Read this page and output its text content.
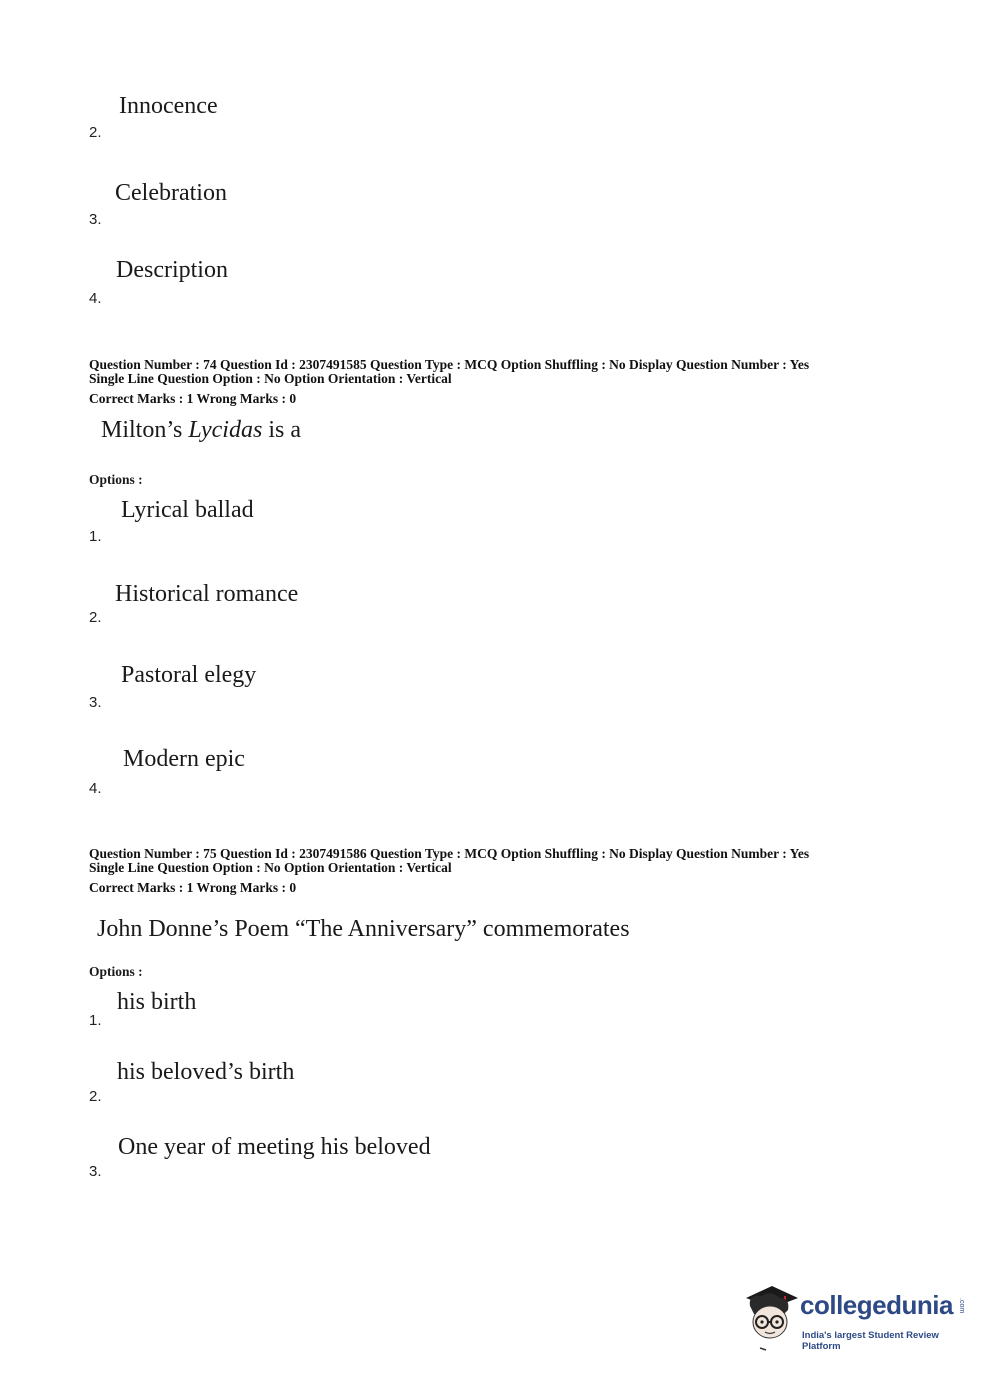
Innocence
2.
Celebration
3.
Description
4.
Question Number : 74 Question Id : 2307491585 Question Type : MCQ Option Shuffling : No Display Question Number : Yes
Single Line Question Option : No Option Orientation : Vertical
Correct Marks : 1 Wrong Marks : 0
Milton’s Lycidas is a
Options :
Lyrical ballad
1.
Historical romance
2.
Pastoral elegy
3.
Modern epic
4.
Question Number : 75 Question Id : 2307491586 Question Type : MCQ Option Shuffling : No Display Question Number : Yes
Single Line Question Option : No Option Orientation : Vertical
Correct Marks : 1 Wrong Marks : 0
John Donne’s Poem “The Anniversary” commemorates
Options :
his birth
1.
his beloved’s birth
2.
One year of meeting his beloved
3.
collegedunia .com
India's largest Student Review Platform
